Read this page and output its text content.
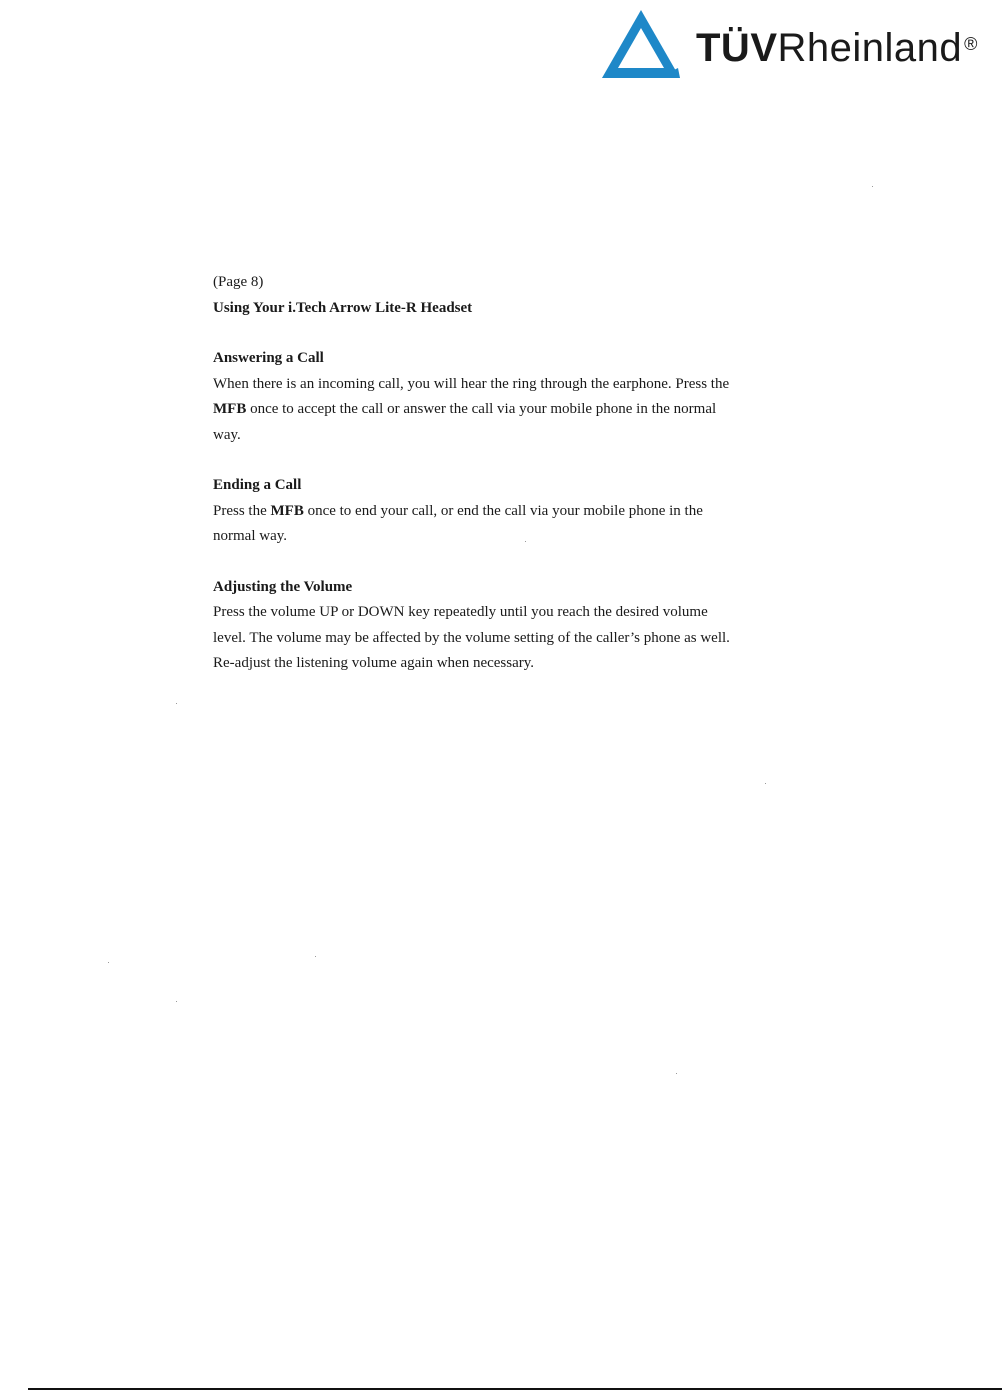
TÜVRheinland ®

(Page 8)

Using Your i.Tech Arrow Lite-R Headset

Answering a Call

When there is an incoming call, you will hear the ring through the earphone. Press the

MFB once to accept the call or answer the call via your mobile phone in the normal

way.

Ending a Call

Press the MFB once to end your call, or end the call via your mobile phone in the

normal way.

Adjusting the Volume

Press the volume UP or DOWN key repeatedly until you reach the desired volume

level. The volume may be affected by the volume setting of the caller’s phone as well.

Re-adjust the listening volume again when necessary.
